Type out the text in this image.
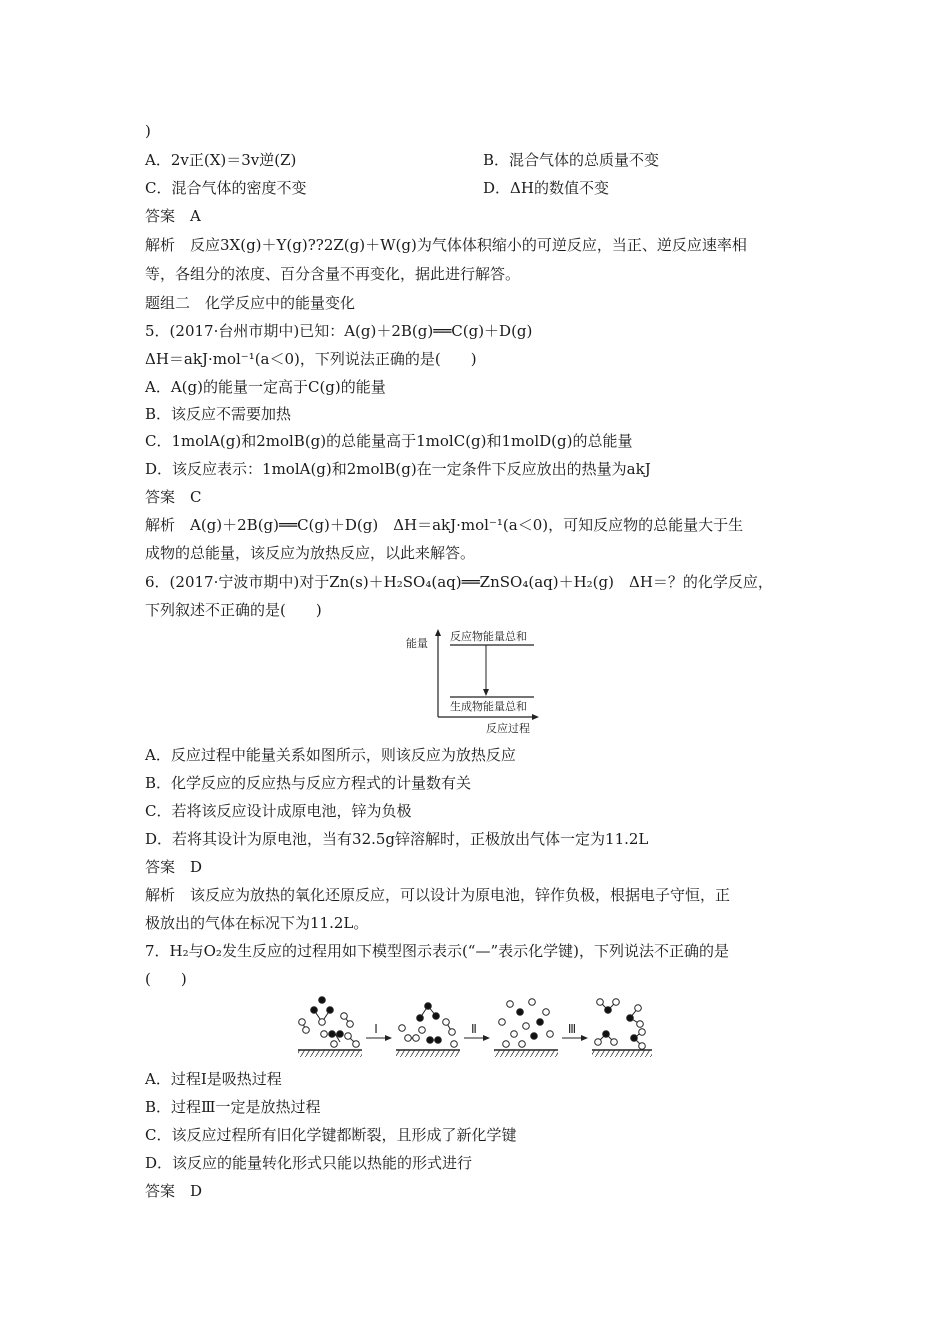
)
A．2v正(X)＝3v逆(Z)	B．混合气体的总质量不变
C．混合气体的密度不变	D．ΔH的数值不变
答案　A
解析　反应3X(g)＋Y(g)??2Z(g)＋W(g)为气体体积缩小的可逆反应，当正、逆反应速率相
等，各组分的浓度、百分含量不再变化，据此进行解答。
题组二　化学反应中的能量变化
5．(2017·台州市期中)已知：A(g)＋2B(g)══C(g)＋D(g)
ΔH＝akJ·mol⁻¹(a＜0)，下列说法正确的是(　　)
A．A(g)的能量一定高于C(g)的能量
B．该反应不需要加热
C．1molA(g)和2molB(g)的总能量高于1molC(g)和1molD(g)的总能量
D．该反应表示：1molA(g)和2molB(g)在一定条件下反应放出的热量为akJ
答案　C
解析　A(g)＋2B(g)══C(g)＋D(g)　ΔH＝akJ·mol⁻¹(a＜0)，可知反应物的总能量大于生
成物的总能量，该反应为放热反应，以此来解答。
6．(2017·宁波市期中)对于Zn(s)＋H₂SO₄(aq)══ZnSO₄(aq)＋H₂(g)　ΔH＝？的化学反应，
下列叙述不正确的是(　　)
能量
反应物能量总和
生成物能量总和
反应过程
A．反应过程中能量关系如图所示，则该反应为放热反应
B．化学反应的反应热与反应方程式的计量数有关
C．若将该反应设计成原电池，锌为负极
D．若将其设计为原电池，当有32.5g锌溶解时，正极放出气体一定为11.2L
答案　D
解析　该反应为放热的氧化还原反应，可以设计为原电池，锌作负极，根据电子守恒，正
极放出的气体在标况下为11.2L。
7．H₂与O₂发生反应的过程用如下模型图示表示(“—”表示化学键)，下列说法不正确的是
(　　)
Ⅰ	Ⅱ	Ⅲ
A．过程Ⅰ是吸热过程
B．过程Ⅲ一定是放热过程
C．该反应过程所有旧化学键都断裂，且形成了新化学键
D．该反应的能量转化形式只能以热能的形式进行
答案　D
